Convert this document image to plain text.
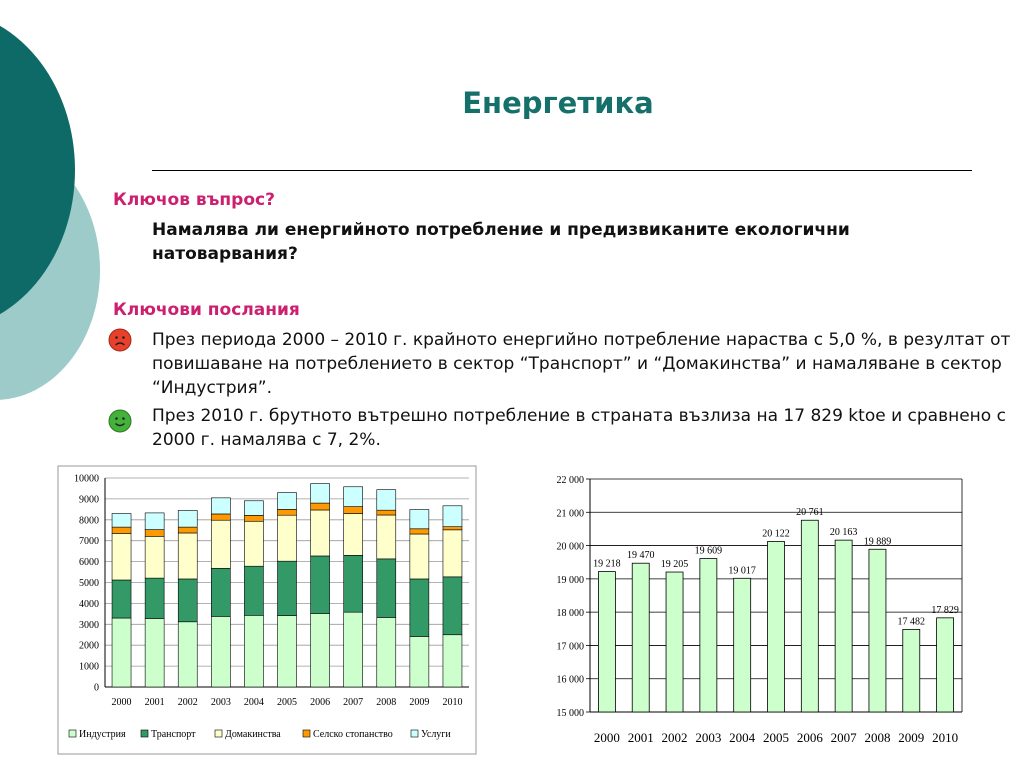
Енергетика
Ключов въпрос?
Намалява ли енергийното потребление и предизвиканите екологични натоварвания?
Ключови послания
През периода 2000 – 2010 г. крайното енергийно потребление нараства с 5,0 %, в резултат от повишаване на потреблението в сектор “Транспорт” и “Домакинства” и намаляване в сектор “Индустрия”.
През 2010 г. брутното вътрешно потребление в страната възлиза на 17 829 ktoe и сравнено с 2000 г. намалява с 7, 2%.
0
1000
2000
3000
4000
5000
6000
7000
8000
9000
10000
2000 2001 2002 2003 2004 2005 2006 2007 2008 2009 2010
Индустрия	Транспорт	Домакинства	Селско стопанство	Услуги
19 218
19 470
19 205
19 609
19 017
20 122
20 761
20 163
19 889
17 482
17 829
15 000
16 000
17 000
18 000
19 000
20 000
21 000
22 000
2000 2001 2002 2003 2004 2005 2006 2007 2008 2009 2010
